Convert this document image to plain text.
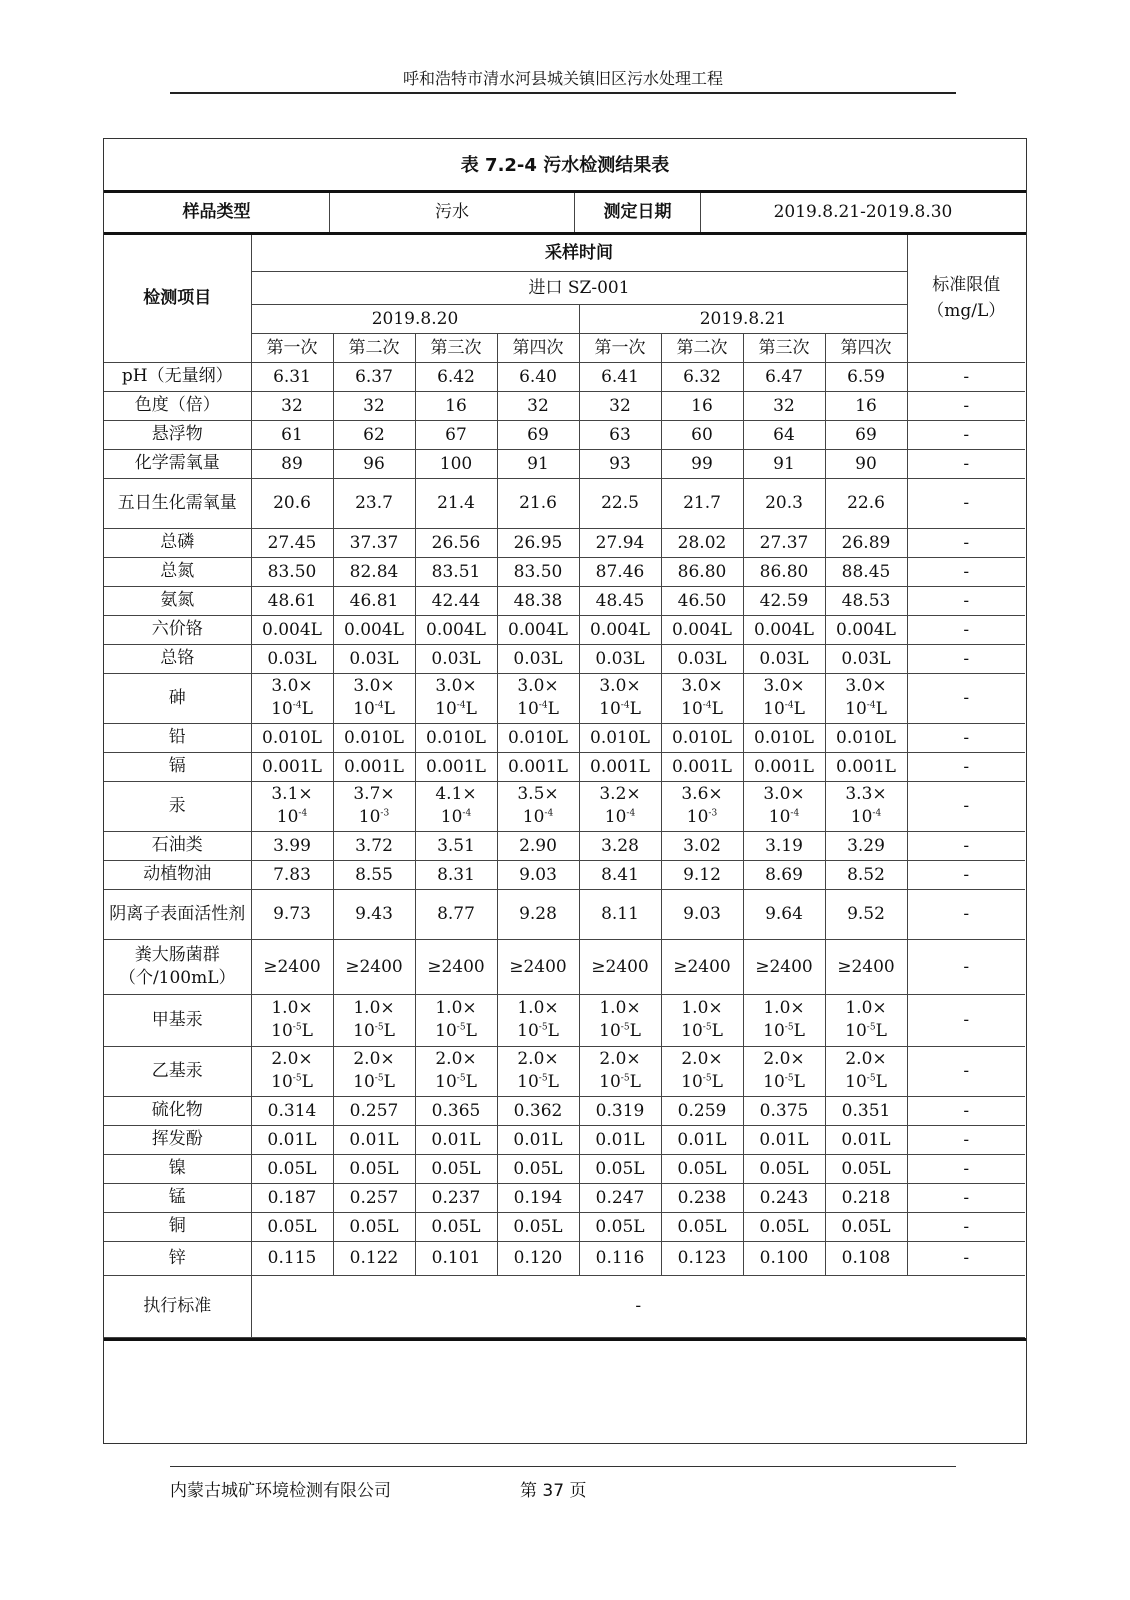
呼和浩特市清水河县城关镇旧区污水处理工程
表 7.2-4 污水检测结果表
样品类型	污水	测定日期	2019.8.21-2019.8.30
检测项目	采样时间								标准限值（mg/L）
	进口 SZ-001								
	2019.8.20				2019.8.21				
	第一次	第二次	第三次	第四次	第一次	第二次	第三次	第四次	
pH（无量纲）	6.31	6.37	6.42	6.40	6.41	6.32	6.47	6.59	-
色度（倍）	32	32	16	32	32	16	32	16	-
悬浮物	61	62	67	69	63	60	64	69	-
化学需氧量	89	96	100	91	93	99	91	90	-
五日生化需氧量	20.6	23.7	21.4	21.6	22.5	21.7	20.3	22.6	-
总磷	27.45	37.37	26.56	26.95	27.94	28.02	27.37	26.89	-
总氮	83.50	82.84	83.51	83.50	87.46	86.80	86.80	88.45	-
氨氮	48.61	46.81	42.44	48.38	48.45	46.50	42.59	48.53	-
六价铬	0.004L	0.004L	0.004L	0.004L	0.004L	0.004L	0.004L	0.004L	-
总铬	0.03L	0.03L	0.03L	0.03L	0.03L	0.03L	0.03L	0.03L	-
砷	3.0×
$10^{-4}L$	3.0×
$10^{-4}L$	3.0×
$10^{-4}L$	3.0×
$10^{-4}L$	3.0×
$10^{-4}L$	3.0×
$10^{-4}L$	3.0×
$10^{-4}L$	3.0×
$10^{-4}L$	-
铅	0.010L	0.010L	0.010L	0.010L	0.010L	0.010L	0.010L	0.010L	-
镉	0.001L	0.001L	0.001L	0.001L	0.001L	0.001L	0.001L	0.001L	-
汞	3.1×
$10^{-4}$	3.7×
$10^{-3}$	4.1×
$10^{-4}$	3.5×
$10^{-4}$	3.2×
$10^{-4}$	3.6×
$10^{-3}$	3.0×
$10^{-4}$	3.3×
$10^{-4}$	-
石油类	3.99	3.72	3.51	2.90	3.28	3.02	3.19	3.29	-
动植物油	7.83	8.55	8.31	9.03	8.41	9.12	8.69	8.52	-
阴离子表面活性剂	9.73	9.43	8.77	9.28	8.11	9.03	9.64	9.52	-
粪大肠菌群（个/100mL）	≥2400	≥2400	≥2400	≥2400	≥2400	≥2400	≥2400	≥2400	-
甲基汞	1.0×
$10^{-5}L$	1.0×
$10^{-5}L$	1.0×
$10^{-5}L$	1.0×
$10^{-5}L$	1.0×
$10^{-5}L$	1.0×
$10^{-5}L$	1.0×
$10^{-5}L$	1.0×
$10^{-5}L$	-
乙基汞	2.0×
$10^{-5}L$	2.0×
$10^{-5}L$	2.0×
$10^{-5}L$	2.0×
$10^{-5}L$	2.0×
$10^{-5}L$	2.0×
$10^{-5}L$	2.0×
$10^{-5}L$	2.0×
$10^{-5}L$	-
硫化物	0.314	0.257	0.365	0.362	0.319	0.259	0.375	0.351	-
挥发酚	0.01L	0.01L	0.01L	0.01L	0.01L	0.01L	0.01L	0.01L	-
镍	0.05L	0.05L	0.05L	0.05L	0.05L	0.05L	0.05L	0.05L	-
锰	0.187	0.257	0.237	0.194	0.247	0.238	0.243	0.218	-
铜	0.05L	0.05L	0.05L	0.05L	0.05L	0.05L	0.05L	0.05L	-
锌	0.115	0.122	0.101	0.120	0.116	0.123	0.100	0.108	-
执行标准	-								
内蒙古城矿环境检测有限公司	第 37 页
